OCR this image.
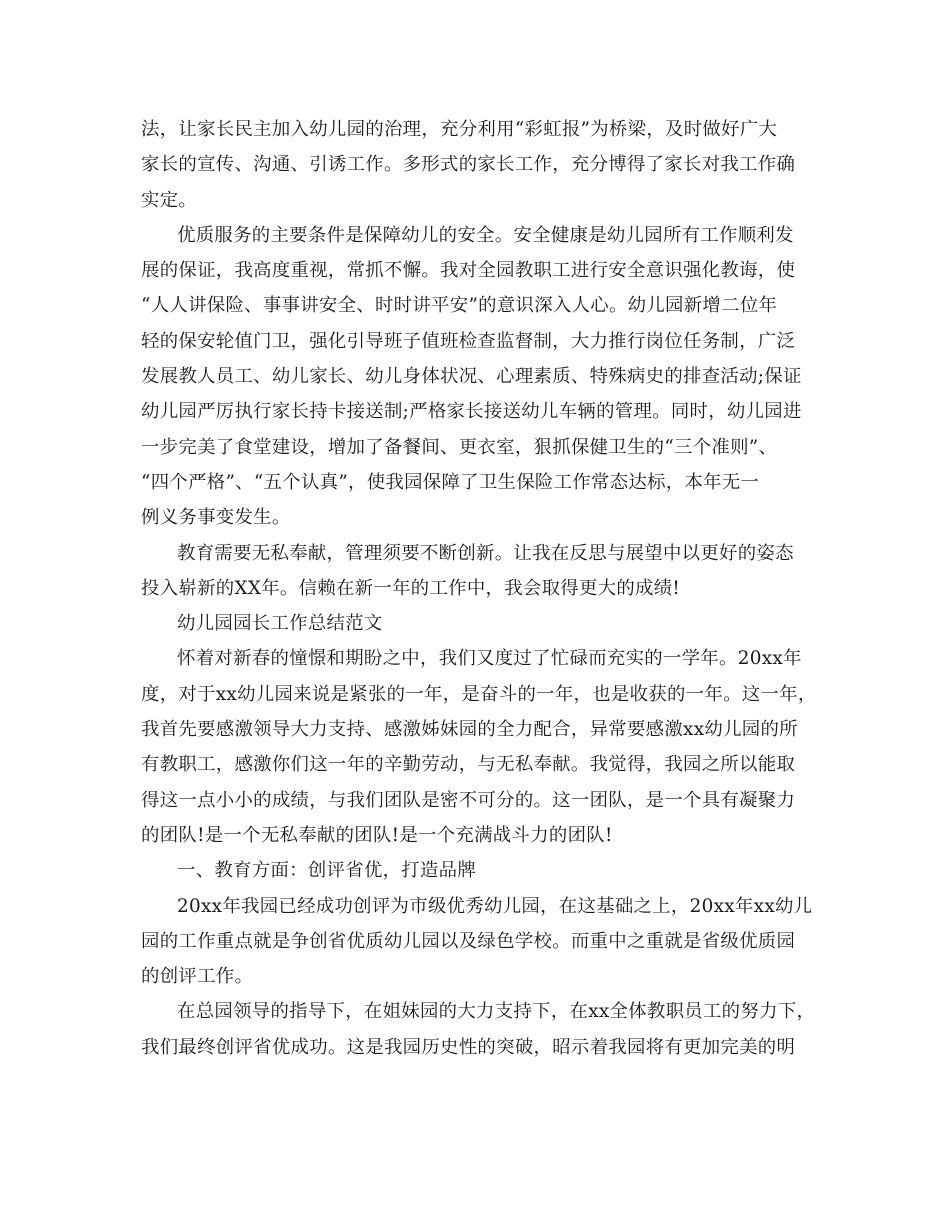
法，让家长民主加入幼儿园的治理，充分利用“彩虹报”为桥梁，及时做好广大
家长的宣传、沟通、引诱工作。多形式的家长工作，充分博得了家长对我工作确
实定。
优质服务的主要条件是保障幼儿的安全。安全健康是幼儿园所有工作顺利发
展的保证，我高度重视，常抓不懈。我对全园教职工进行安全意识强化教诲，使
“人人讲保险、事事讲安全、时时讲平安”的意识深入人心。幼儿园新增二位年
轻的保安轮值门卫，强化引导班子值班检查监督制，大力推行岗位任务制，广泛
发展教人员工、幼儿家长、幼儿身体状况、心理素质、特殊病史的排查活动;保证
幼儿园严厉执行家长持卡接送制;严格家长接送幼儿车辆的管理。同时，幼儿园进
一步完美了食堂建设，增加了备餐间、更衣室，狠抓保健卫生的“三个准则”、
“四个严格”、“五个认真”，使我园保障了卫生保险工作常态达标，本年无一
例义务事变发生。
教育需要无私奉献，管理须要不断创新。让我在反思与展望中以更好的姿态
投入崭新的XX年。信赖在新一年的工作中，我会取得更大的成绩!
幼儿园园长工作总结范文
怀着对新春的憧憬和期盼之中，我们又度过了忙碌而充实的一学年。20xx年
度，对于xx幼儿园来说是紧张的一年，是奋斗的一年，也是收获的一年。这一年，
我首先要感激领导大力支持、感激姊妹园的全力配合，异常要感激xx幼儿园的所
有教职工，感激你们这一年的辛勤劳动，与无私奉献。我觉得，我园之所以能取
得这一点小小的成绩，与我们团队是密不可分的。这一团队，是一个具有凝聚力
的团队!是一个无私奉献的团队!是一个充满战斗力的团队!
一、教育方面：创评省优，打造品牌
20xx年我园已经成功创评为市级优秀幼儿园，在这基础之上，20xx年xx幼儿
园的工作重点就是争创省优质幼儿园以及绿色学校。而重中之重就是省级优质园
的创评工作。
在总园领导的指导下，在姐妹园的大力支持下，在xx全体教职员工的努力下，
我们最终创评省优成功。这是我园历史性的突破，昭示着我园将有更加完美的明
